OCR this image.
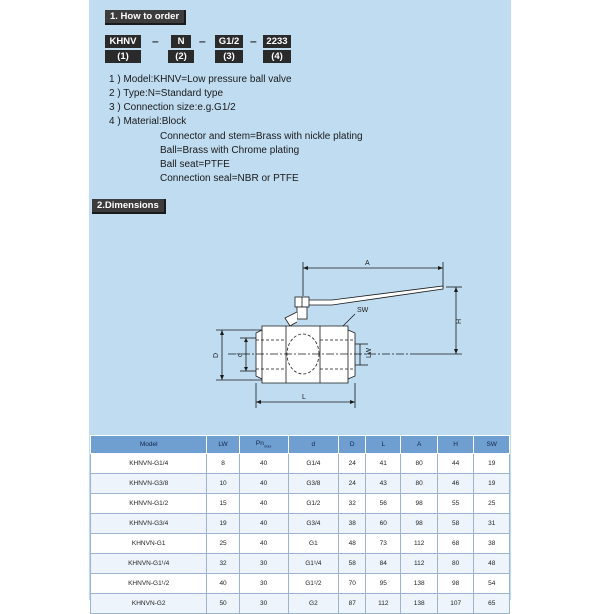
1. How to order
KHNV
(1)
–	N
(2)
–	G1/2
(3)
–	2233
(4)
1 ) Model:KHNV=Low pressure ball valve
2 ) Type:N=Standard type
3 ) Connection size:e.g.G1/2
4 ) Material:Block
Connector and stem=Brass with nickle plating
Ball=Brass with Chrome plating
Ball seat=PTFE
Connection seal=NBR or PTFE
2.Dimensions
A
SW
H
D d	LW
L
Model	LW	$Pn_{max}$	d	D	L	A	H	SW
KHNVN-G1/4	8	40	G1/4	24	41	80	44	19
KHNVN-G3/8	10	40	G3/8	24	43	80	46	19
KHNVN-G1/2	15	40	G1/2	32	56	98	55	25
KHNVN-G3/4	19	40	G3/4	38	60	98	58	31
KHNVN-G1	25	40	G1	48	73	112	68	38
KHNVN-G1¹/4	32	30	G1¹/4	58	84	112	80	48
KHNVN-G1¹/2	40	30	G1¹/2	70	95	138	98	54
KHNVN-G2	50	30	G2	87	112	138	107	65
